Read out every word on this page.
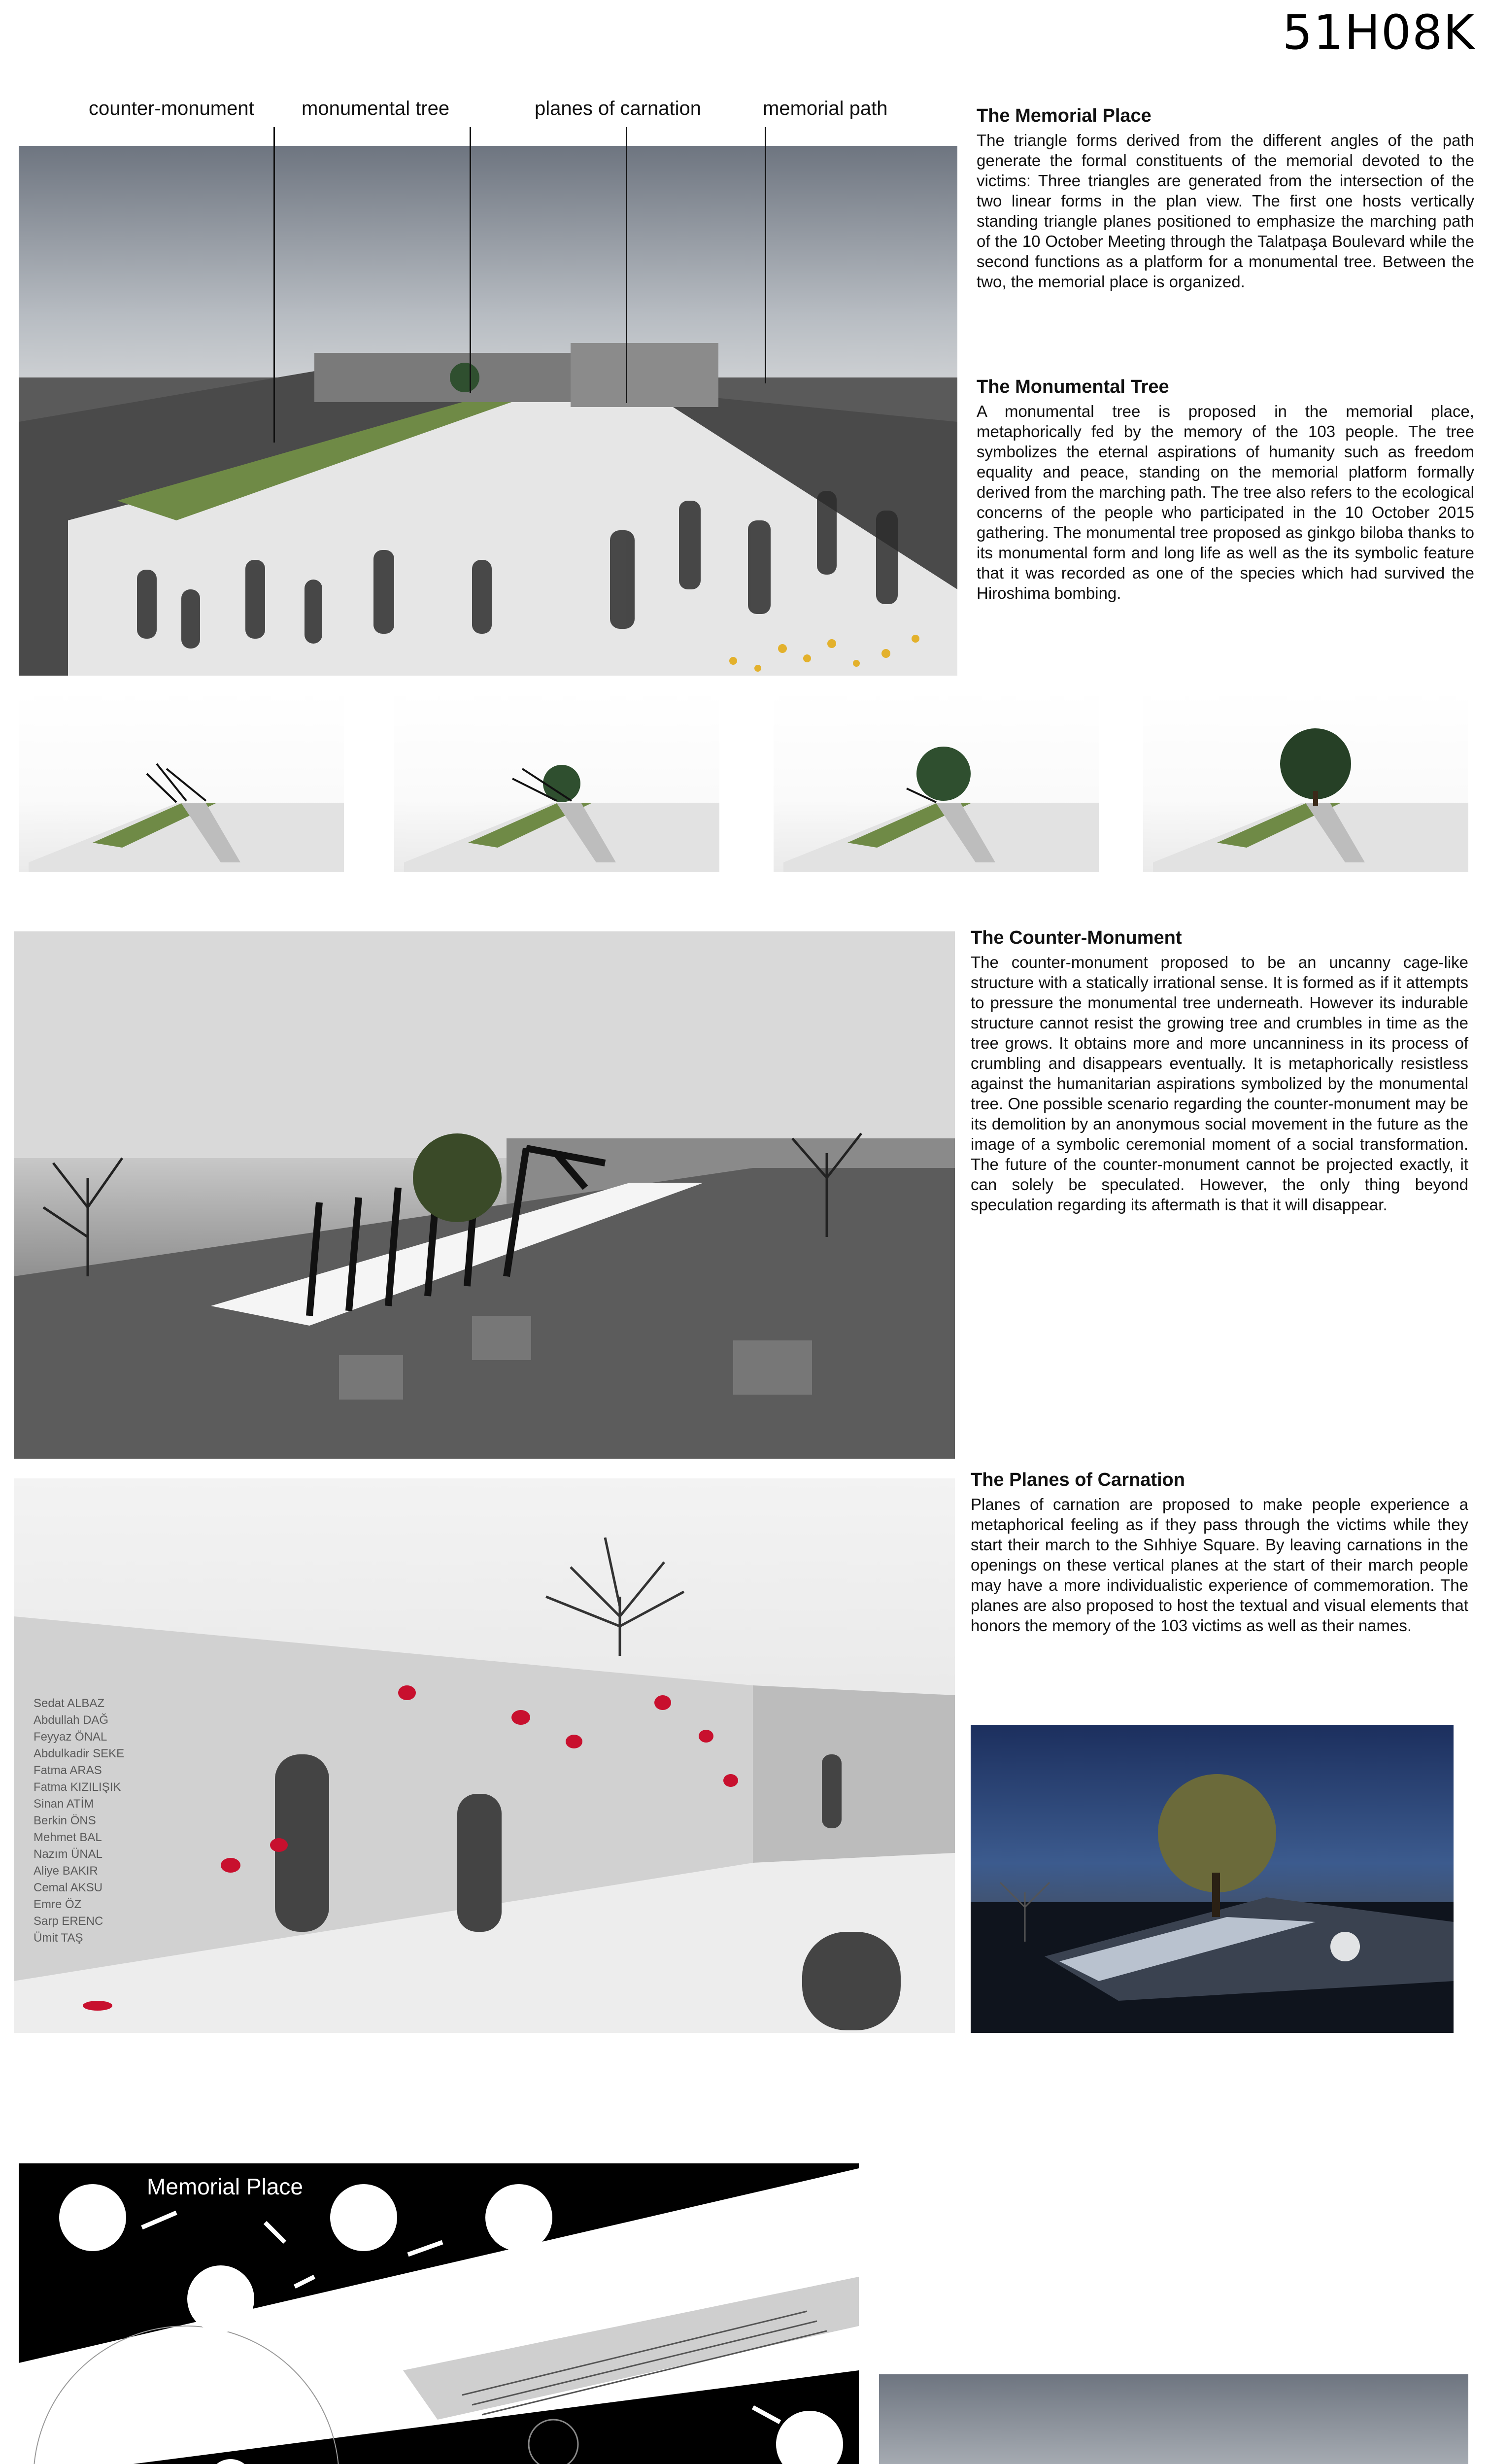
51H08K
counter-monument monumental tree	planes of carnation	memorial path	The Memorial Place
The triangle forms derived from the different angles of the path generate the formal constituents of the memorial devoted to the victims: Three triangles are generated from the intersection of the two linear forms in the plan view. The first one hosts vertically standing triangle planes positioned to emphasize the marching path of the 10 October Meeting through the Talatpaşa Boulevard while the second functions as a platform for a monumental tree. Between the two, the memorial place is organized.
The Monumental Tree
A monumental tree is proposed in the memorial place, metaphorically fed by the memory of the 103 people. The tree symbolizes the eternal aspirations of humanity such as freedom equality and peace, standing on the memorial platform formally derived from the marching path. The tree also refers to the ecological concerns of the people who participated in the 10 October 2015 gathering. The monumental tree proposed as ginkgo biloba thanks to its monumental form and long life as well as the its symbolic feature that it was recorded as one of the species which had survived the Hiroshima bombing.
The Counter-Monument
The counter-monument proposed to be an uncanny cage-like structure with a statically irrational sense. It is formed as if it attempts to pressure the monumental tree underneath. However its indurable structure cannot resist the growing tree and crumbles in time as the tree grows. It obtains more and more uncanniness in its process of crumbling and disappears eventually. It is metaphorically resistless against the humanitarian aspirations symbolized by the monumental tree. One possible scenario regarding the counter-monument may be its demolition by an anonymous social movement in the future as the image of a symbolic ceremonial moment of a social transformation. The future of the counter-monument cannot be projected exactly, it can solely be speculated. However, the only thing beyond speculation regarding its aftermath is that it will disappear.
Sedat ALBAZ
Abdullah DAĞ
Feyyaz ÖNAL
Abdulkadir SEKE
Fatma ARAS
Fatma KIZILIŞIK
Sinan ATİM
Berkin ÖNS
Mehmet BAL
Nazım ÜNAL
Aliye BAKIR
Cemal AKSU
Emre ÖZ
Sarp ERENC
Ümit TAŞ
The Planes of Carnation
Planes of carnation are proposed to make people experience a metaphorical feeling as if they pass through the victims while they start their march to the Sıhhiye Square. By leaving carnations in the openings on these vertical planes at the start of their march people may have a more individualistic experience of commemoration. The planes are also proposed to host the textual and visual elements that honors the memory of the 103 victims as well as their names.
Memorial Place
